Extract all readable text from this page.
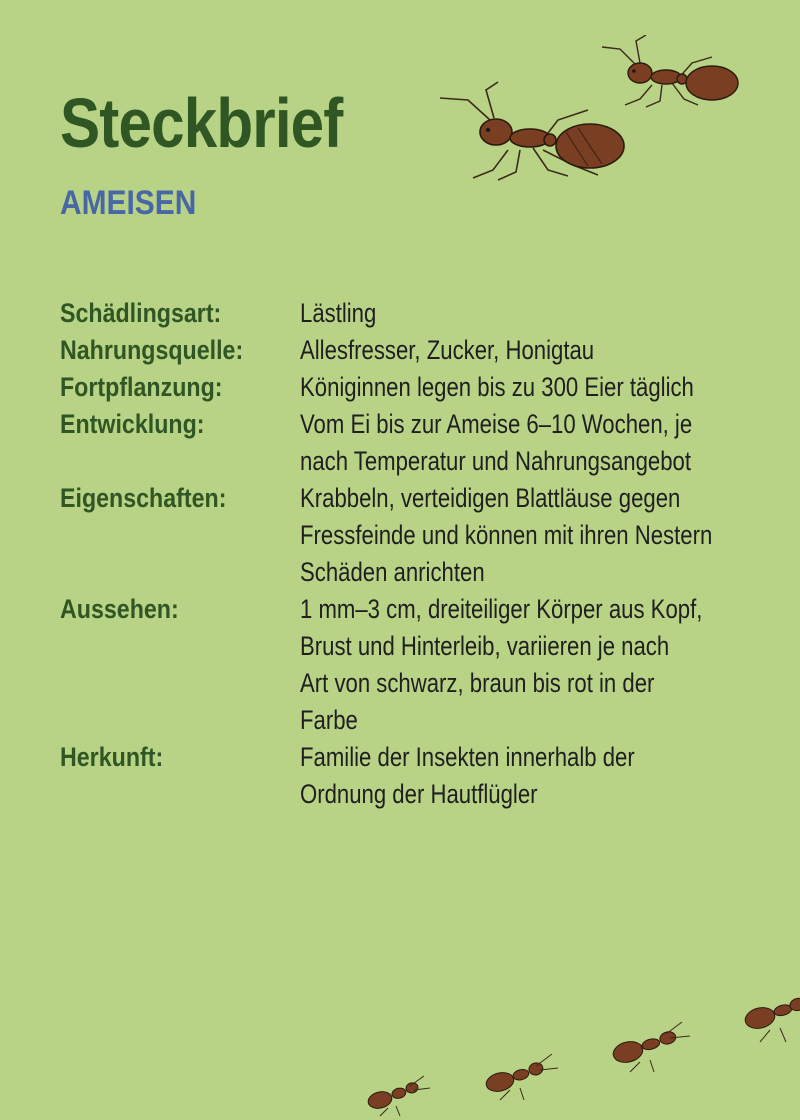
Steckbrief
AMEISEN
Schädlingsart:	Lästling
Nahrungsquelle:	Allesfresser, Zucker, Honigtau
Fortpflanzung:	Königinnen legen bis zu 300 Eier täglich
Entwicklung:	Vom Ei bis zur Ameise 6–10 Wochen, je
nach Temperatur und Nahrungsangebot
Eigenschaften:	Krabbeln, verteidigen Blattläuse gegen
Fressfeinde und können mit ihren Nestern
Schäden anrichten
Aussehen:	1 mm–3 cm, dreiteiliger Körper aus Kopf,
Brust und Hinterleib, variieren je nach
Art von schwarz, braun bis rot in der
Farbe
Herkunft:	Familie der Insekten innerhalb der
Ordnung der Hautflügler
